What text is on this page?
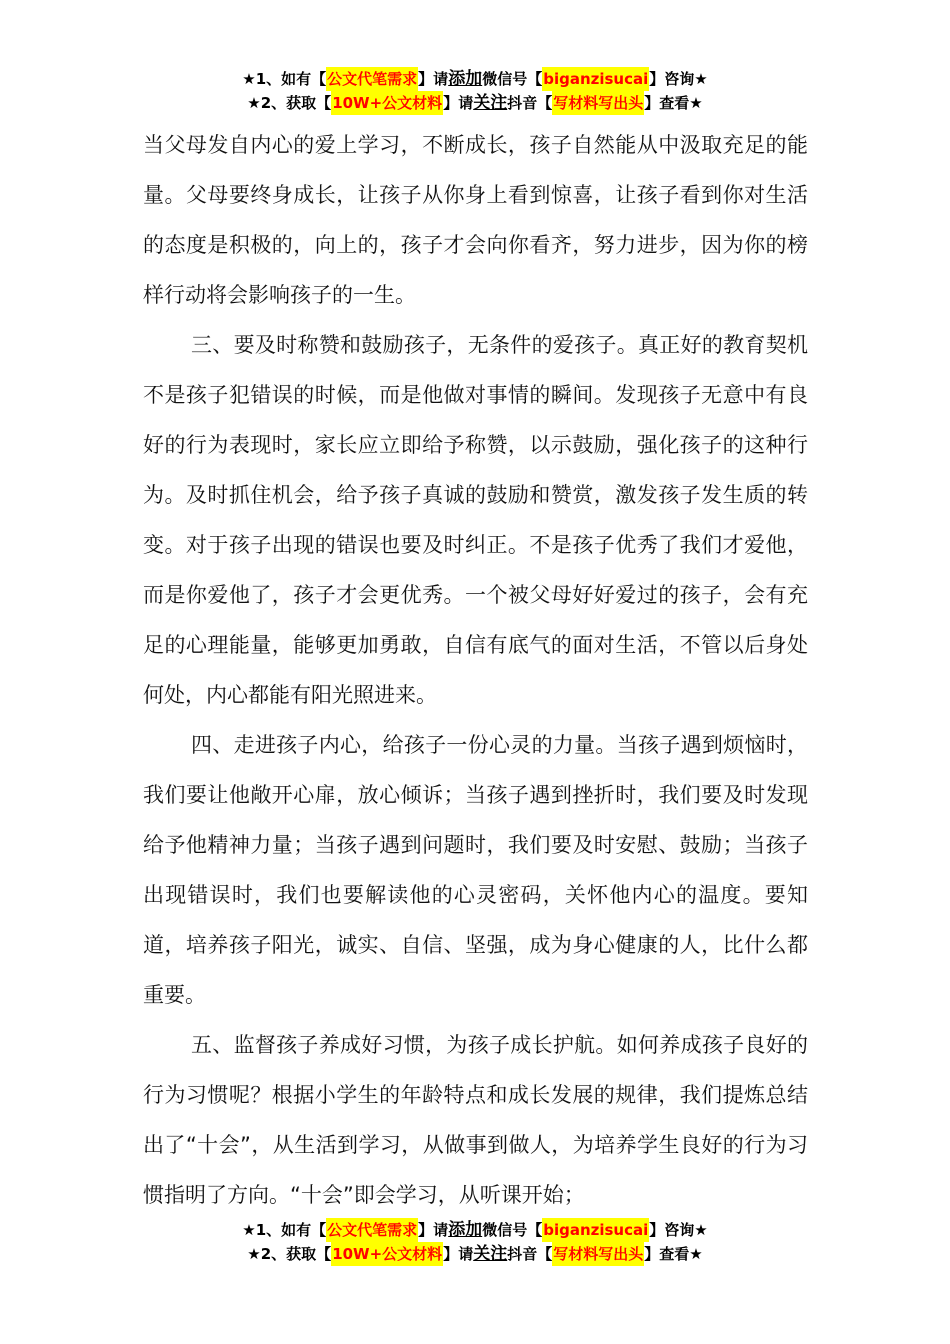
★1、如有【 公文代笔需求 】请 添加 微信号【 biganzisucai 】咨询★
★2、获取【 10W+公文材料 】请 关注 抖音【 写材料写出头 】查看★

当父母发自内心的爱上学习，不断成长，孩子自然能从中汲取充足的能量。父母要终身成长，让孩子从你身上看到惊喜，让孩子看到你对生活的态度是积极的，向上的，孩子才会向你看齐，努力进步，因为你的榜样行动将会影响孩子的一生。

三、要及时称赞和鼓励孩子，无条件的爱孩子。真正好的教育契机不是孩子犯错误的时候，而是他做对事情的瞬间。发现孩子无意中有良好的行为表现时，家长应立即给予称赞，以示鼓励，强化孩子的这种行为。及时抓住机会，给予孩子真诚的鼓励和赞赏，激发孩子发生质的转变。对于孩子出现的错误也要及时纠正。不是孩子优秀了我们才爱他，而是你爱他了，孩子才会更优秀。一个被父母好好爱过的孩子，会有充足的心理能量，能够更加勇敢，自信有底气的面对生活，不管以后身处何处，内心都能有阳光照进来。

四、走进孩子内心，给孩子一份心灵的力量。当孩子遇到烦恼时，我们要让他敞开心扉，放心倾诉；当孩子遇到挫折时，我们要及时发现给予他精神力量；当孩子遇到问题时，我们要及时安慰、鼓励；当孩子出现错误时，我们也要解读他的心灵密码，关怀他内心的温度。要知道，培养孩子阳光，诚实、自信、坚强，成为身心健康的人，比什么都重要。

五、监督孩子养成好习惯，为孩子成长护航。如何养成孩子良好的行为习惯呢？根据小学生的年龄特点和成长发展的规律，我们提炼总结出了“十会”，从生活到学习，从做事到做人，为培养学生良好的行为习惯指明了方向。“十会”即会学习，从听课开始；

★1、如有【 公文代笔需求 】请 添加 微信号【 biganzisucai 】咨询★
★2、获取【 10W+公文材料 】请 关注 抖音【 写材料写出头 】查看★
